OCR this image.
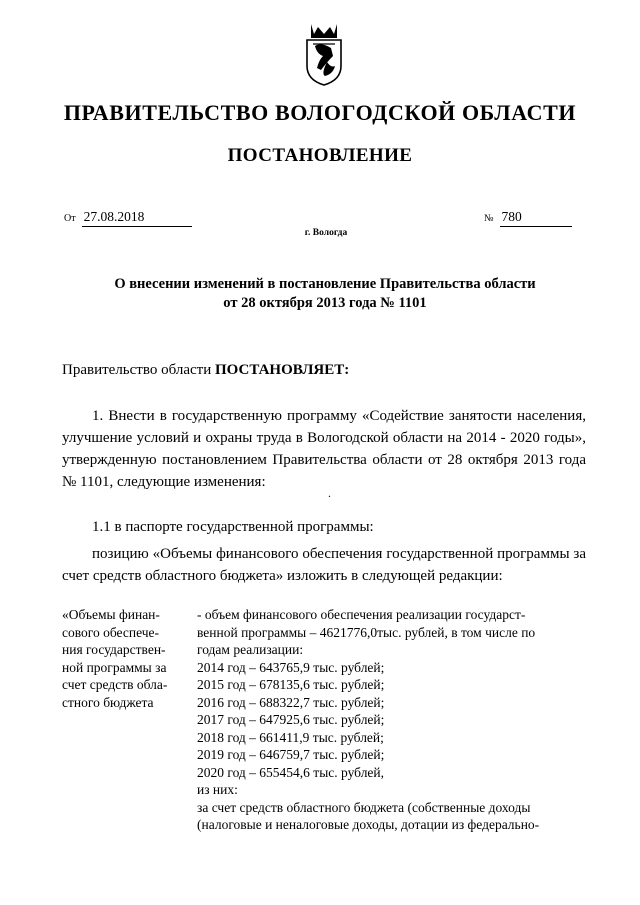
ПРАВИТЕЛЬСТВО ВОЛОГОДСКОЙ ОБЛАСТИ
ПОСТАНОВЛЕНИЕ
От 27.08.2018	№ 780
г. Вологда
О внесении изменений в постановление Правительства области
от 28 октября 2013 года № 1101
Правительство области ПОСТАНОВЛЯЕТ:
1. Внести в государственную программу «Содействие занятости населения, улучшение условий и охраны труда в Вологодской области на 2014 - 2020 годы», утвержденную постановлением Правительства области от 28 октября 2013 года № 1101, следующие изменения:
.
1.1 в паспорте государственной программы:
позицию «Объемы финансового обеспечения государственной программы за счет средств областного бюджета» изложить в следующей редакции:
«Объемы финан-
сового обеспече-
ния государствен-
ной программы за
счет средств обла-
стного бюджета
- объем финансового обеспечения реализации государст-
венной программы – 4621776,0тыс. рублей, в том числе по
годам реализации:
2014 год – 643765,9 тыс. рублей;
2015 год – 678135,6 тыс. рублей;
2016 год – 688322,7 тыс. рублей;
2017 год – 647925,6 тыс. рублей;
2018 год – 661411,9 тыс. рублей;
2019 год – 646759,7 тыс. рублей;
2020 год – 655454,6 тыс. рублей,
из них:
за счет средств областного бюджета (собственные доходы
(налоговые и неналоговые доходы, дотации из федерально-
